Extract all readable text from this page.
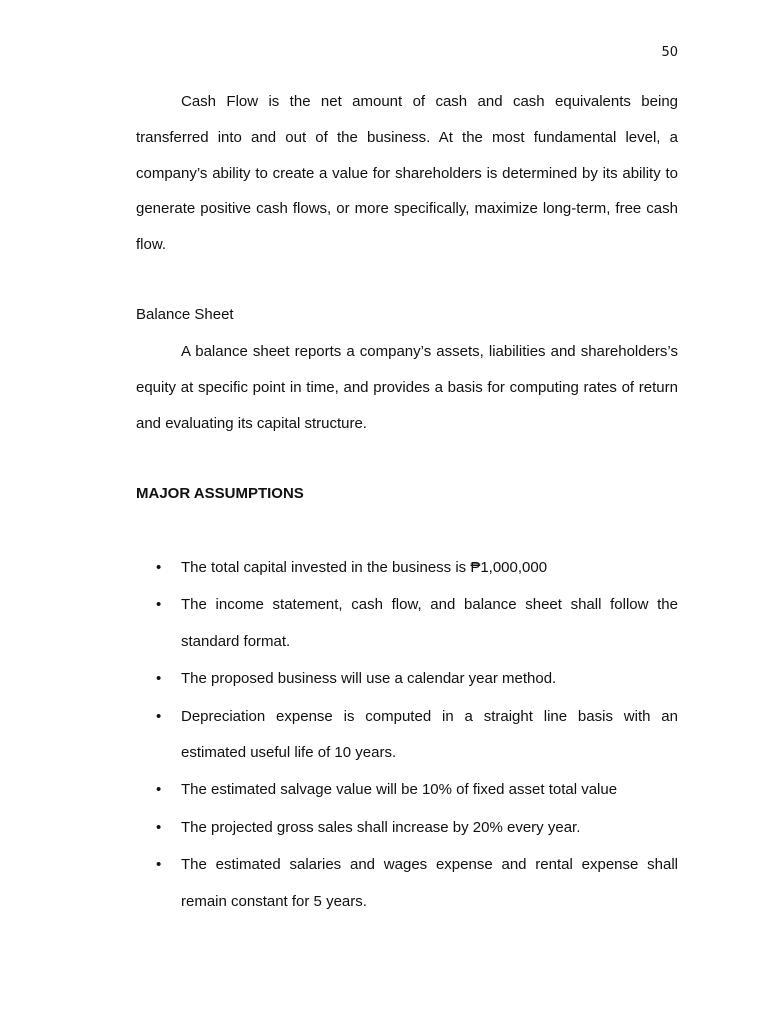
50

Cash Flow is the net amount of cash and cash equivalents being transferred into and out of the business. At the most fundamental level, a company’s ability to create a value for shareholders is determined by its ability to generate positive cash flows, or more specifically, maximize long-term, free cash flow.

Balance Sheet

A balance sheet reports a company’s assets, liabilities and shareholders’s equity at specific point in time, and provides a basis for computing rates of return and evaluating its capital structure.

MAJOR ASSUMPTIONS
• The total capital invested in the business is ₱1,000,000
• The income statement, cash flow, and balance sheet shall follow the standard format.
• The proposed business will use a calendar year method.
• Depreciation expense is computed in a straight line basis with an estimated useful life of 10 years.
• The estimated salvage value will be 10% of fixed asset total value
• The projected gross sales shall increase by 20% every year.
• The estimated salaries and wages expense and rental expense shall remain constant for 5 years.
